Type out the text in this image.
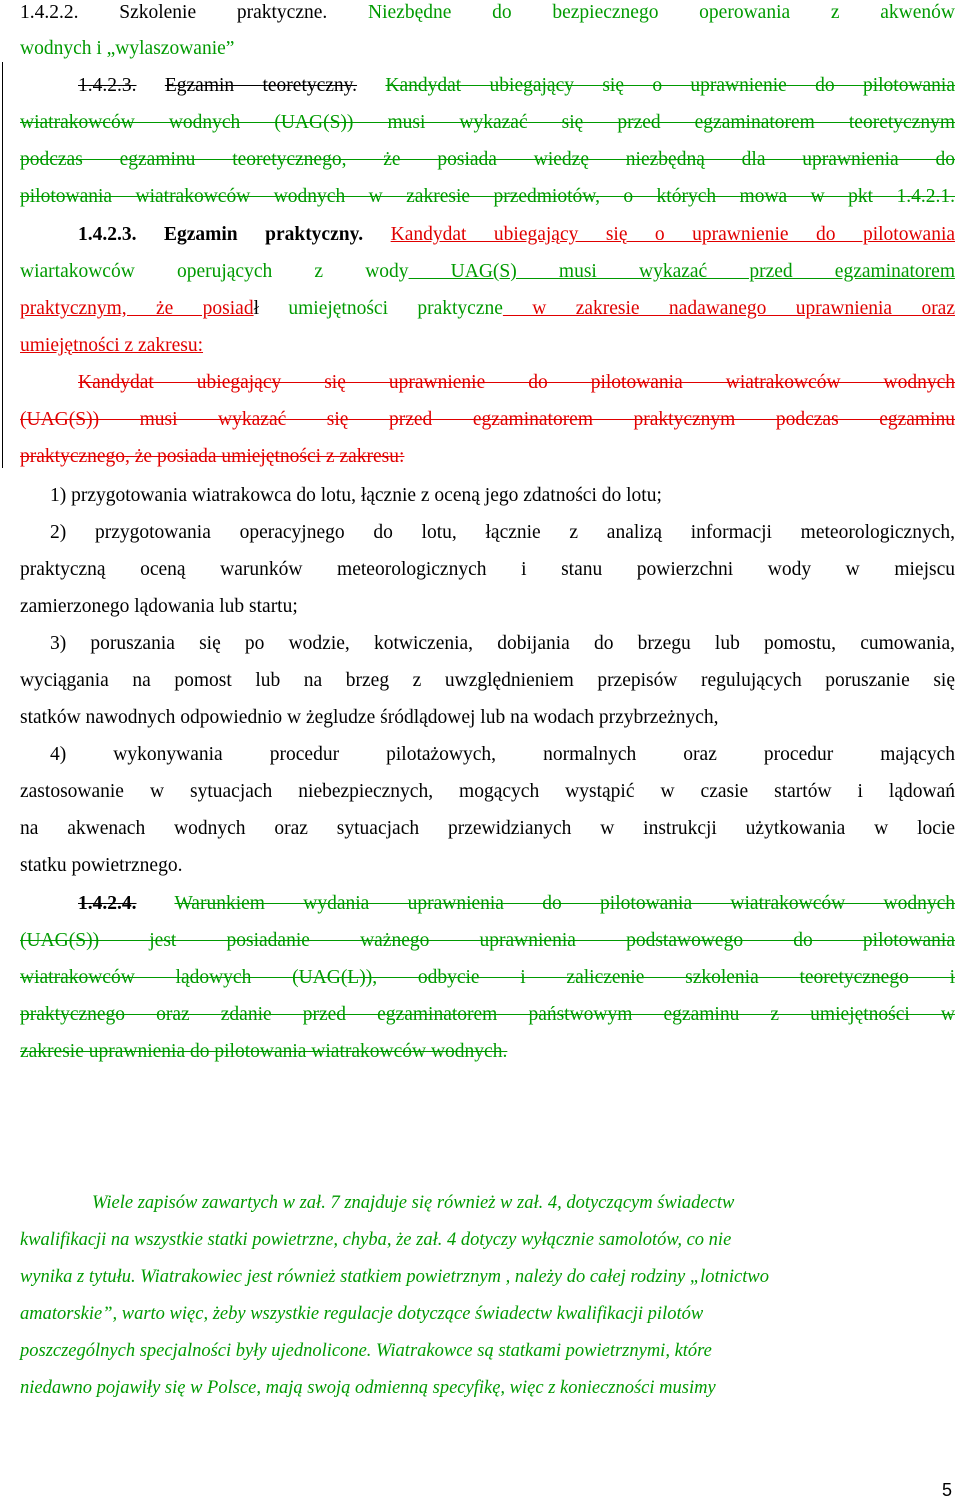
1.4.2.2. Szkolenie praktyczne. Niezbędne do bezpiecznego operowania z akwenów
wodnych i „wylaszowanie”
1.4.2.3. Egzamin teoretyczny. Kandydat ubiegający się o uprawnienie do pilotowania
wiatrakowców wodnych (UAG(S)) musi wykazać się przed egzaminatorem teoretycznym
podczas egzaminu teoretycznego, że posiada wiedzę niezbędną dla uprawnienia do
pilotowania wiatrakowców wodnych w zakresie przedmiotów, o których mowa w pkt 1.4.2.1.
1.4.2.3. Egzamin praktyczny. Kandydat ubiegający się o uprawnienie do pilotowania
wiartakowców operujących z wody UAG(S) musi wykazać przed egzaminatorem
praktycznym, że posiadł umiejętności praktyczne w zakresie nadawanego uprawnienia oraz
umiejętności z zakresu:
Kandydat ubiegający się uprawnienie do pilotowania wiatrakowców wodnych
(UAG(S)) musi wykazać się przed egzaminatorem praktycznym podczas egzaminu
praktycznego, że posiada umiejętności z zakresu:
1) przygotowania wiatrakowca do lotu, łącznie z oceną jego zdatności do lotu;
2) przygotowania operacyjnego do lotu, łącznie z analizą informacji meteorologicznych,
praktyczną oceną warunków meteorologicznych i stanu powierzchni wody w miejscu
zamierzonego lądowania lub startu;
3) poruszania się po wodzie, kotwiczenia, dobijania do brzegu lub pomostu, cumowania,
wyciągania na pomost lub na brzeg z uwzględnieniem przepisów regulujących poruszanie się
statków nawodnych odpowiednio w żegludze śródlądowej lub na wodach przybrzeżnych,
4) wykonywania procedur pilotażowych, normalnych oraz procedur mających
zastosowanie w sytuacjach niebezpiecznych, mogących wystąpić w czasie startów i lądowań
na akwenach wodnych oraz sytuacjach przewidzianych w instrukcji użytkowania w locie
statku powietrznego.
1.4.2.4. Warunkiem wydania uprawnienia do pilotowania wiatrakowców wodnych
(UAG(S)) jest posiadanie ważnego uprawnienia podstawowego do pilotowania
wiatrakowców lądowych (UAG(L)), odbycie i zaliczenie szkolenia teoretycznego i
praktycznego oraz zdanie przed egzaminatorem państwowym egzaminu z umiejętności w
zakresie uprawnienia do pilotowania wiatrakowców wodnych.
Wiele zapisów zawartych w zał. 7 znajduje się również w zał. 4, dotyczącym świadectw
kwalifikacji na wszystkie statki powietrzne, chyba, że zał. 4 dotyczy wyłącznie samolotów, co nie
wynika z tytułu. Wiatrakowiec jest również statkiem powietrznym , należy do całej rodziny „lotnictwo
amatorskie”, warto więc, żeby wszystkie regulacje dotyczące świadectw kwalifikacji pilotów
poszczególnych specjalności były ujednolicone. Wiatrakowce są statkami powietrznymi, które
niedawno pojawiły się w Polsce, mają swoją odmienną specyfikę, więc z konieczności musimy
5
